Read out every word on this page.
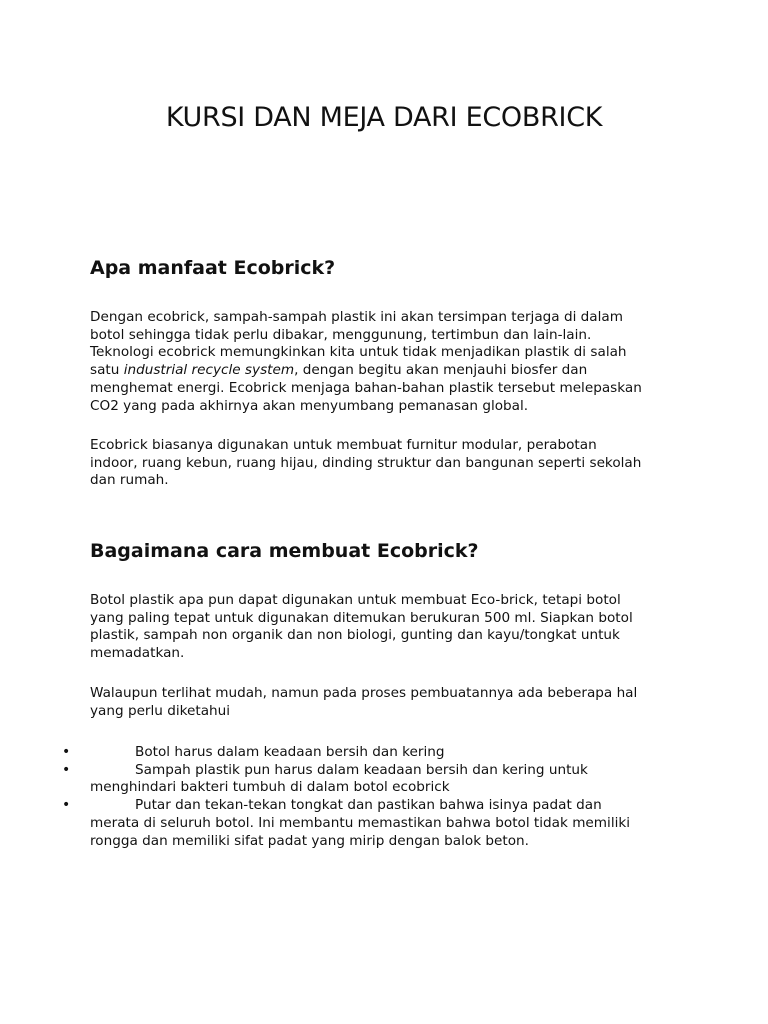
KURSI DAN MEJA DARI ECOBRICK
Apa manfaat Ecobrick?

Dengan ecobrick, sampah-sampah plastik ini akan tersimpan terjaga di dalam
botol sehingga tidak perlu dibakar, menggunung, tertimbun dan lain-lain.
Teknologi ecobrick memungkinkan kita untuk tidak menjadikan plastik di salah
satu industrial recycle system, dengan begitu akan menjauhi biosfer dan
menghemat energi. Ecobrick menjaga bahan-bahan plastik tersebut melepaskan
CO2 yang pada akhirnya akan menyumbang pemanasan global.

Ecobrick biasanya digunakan untuk membuat furnitur modular, perabotan
indoor, ruang kebun, ruang hijau, dinding struktur dan bangunan seperti sekolah
dan rumah.

Bagaimana cara membuat Ecobrick?

Botol plastik apa pun dapat digunakan untuk membuat Eco-brick, tetapi botol
yang paling tepat untuk digunakan ditemukan berukuran 500 ml. Siapkan botol
plastik, sampah non organik dan non biologi, gunting dan kayu/tongkat untuk
memadatkan.

Walaupun terlihat mudah, namun pada proses pembuatannya ada beberapa hal
yang perlu diketahui

•	Botol harus dalam keadaan bersih dan kering
•	Sampah plastik pun harus dalam keadaan bersih dan kering untuk
menghindari bakteri tumbuh di dalam botol ecobrick
•	Putar dan tekan-tekan tongkat dan pastikan bahwa isinya padat dan
merata di seluruh botol. Ini membantu memastikan bahwa botol tidak memiliki
rongga dan memiliki sifat padat yang mirip dengan balok beton.
